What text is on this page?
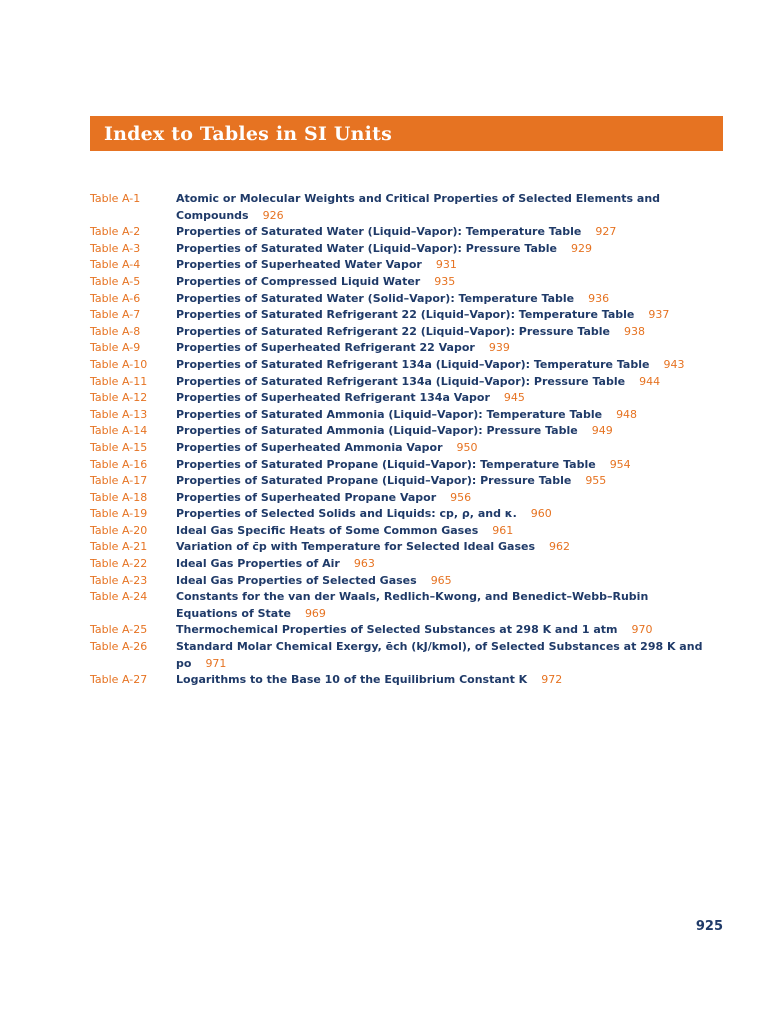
Index to Tables in SI Units
Table A-1	Atomic or Molecular Weights and Critical Properties of Selected Elements and Compounds 926
Table A-2	Properties of Saturated Water (Liquid–Vapor): Temperature Table 927
Table A-3	Properties of Saturated Water (Liquid–Vapor): Pressure Table 929
Table A-4	Properties of Superheated Water Vapor 931
Table A-5	Properties of Compressed Liquid Water 935
Table A-6	Properties of Saturated Water (Solid–Vapor): Temperature Table 936
Table A-7	Properties of Saturated Refrigerant 22 (Liquid–Vapor): Temperature Table 937
Table A-8	Properties of Saturated Refrigerant 22 (Liquid–Vapor): Pressure Table 938
Table A-9	Properties of Superheated Refrigerant 22 Vapor 939
Table A-10	Properties of Saturated Refrigerant 134a (Liquid–Vapor): Temperature Table 943
Table A-11	Properties of Saturated Refrigerant 134a (Liquid–Vapor): Pressure Table 944
Table A-12	Properties of Superheated Refrigerant 134a Vapor 945
Table A-13	Properties of Saturated Ammonia (Liquid–Vapor): Temperature Table 948
Table A-14	Properties of Saturated Ammonia (Liquid–Vapor): Pressure Table 949
Table A-15	Properties of Superheated Ammonia Vapor 950
Table A-16	Properties of Saturated Propane (Liquid–Vapor): Temperature Table 954
Table A-17	Properties of Saturated Propane (Liquid–Vapor): Pressure Table 955
Table A-18	Properties of Superheated Propane Vapor 956
Table A-19	Properties of Selected Solids and Liquids: cp, ρ, and κ. 960
Table A-20	Ideal Gas Specific Heats of Some Common Gases 961
Table A-21	Variation of c̄p with Temperature for Selected Ideal Gases 962
Table A-22	Ideal Gas Properties of Air 963
Table A-23	Ideal Gas Properties of Selected Gases 965
Table A-24	Constants for the van der Waals, Redlich–Kwong, and Benedict–Webb–Rubin
Equations of State 969
Table A-25	Thermochemical Properties of Selected Substances at 298 K and 1 atm 970
Table A-26	Standard Molar Chemical Exergy, ēch (kJ/kmol), of Selected Substances at 298 K and po 971
Table A-27	Logarithms to the Base 10 of the Equilibrium Constant K 972
925
